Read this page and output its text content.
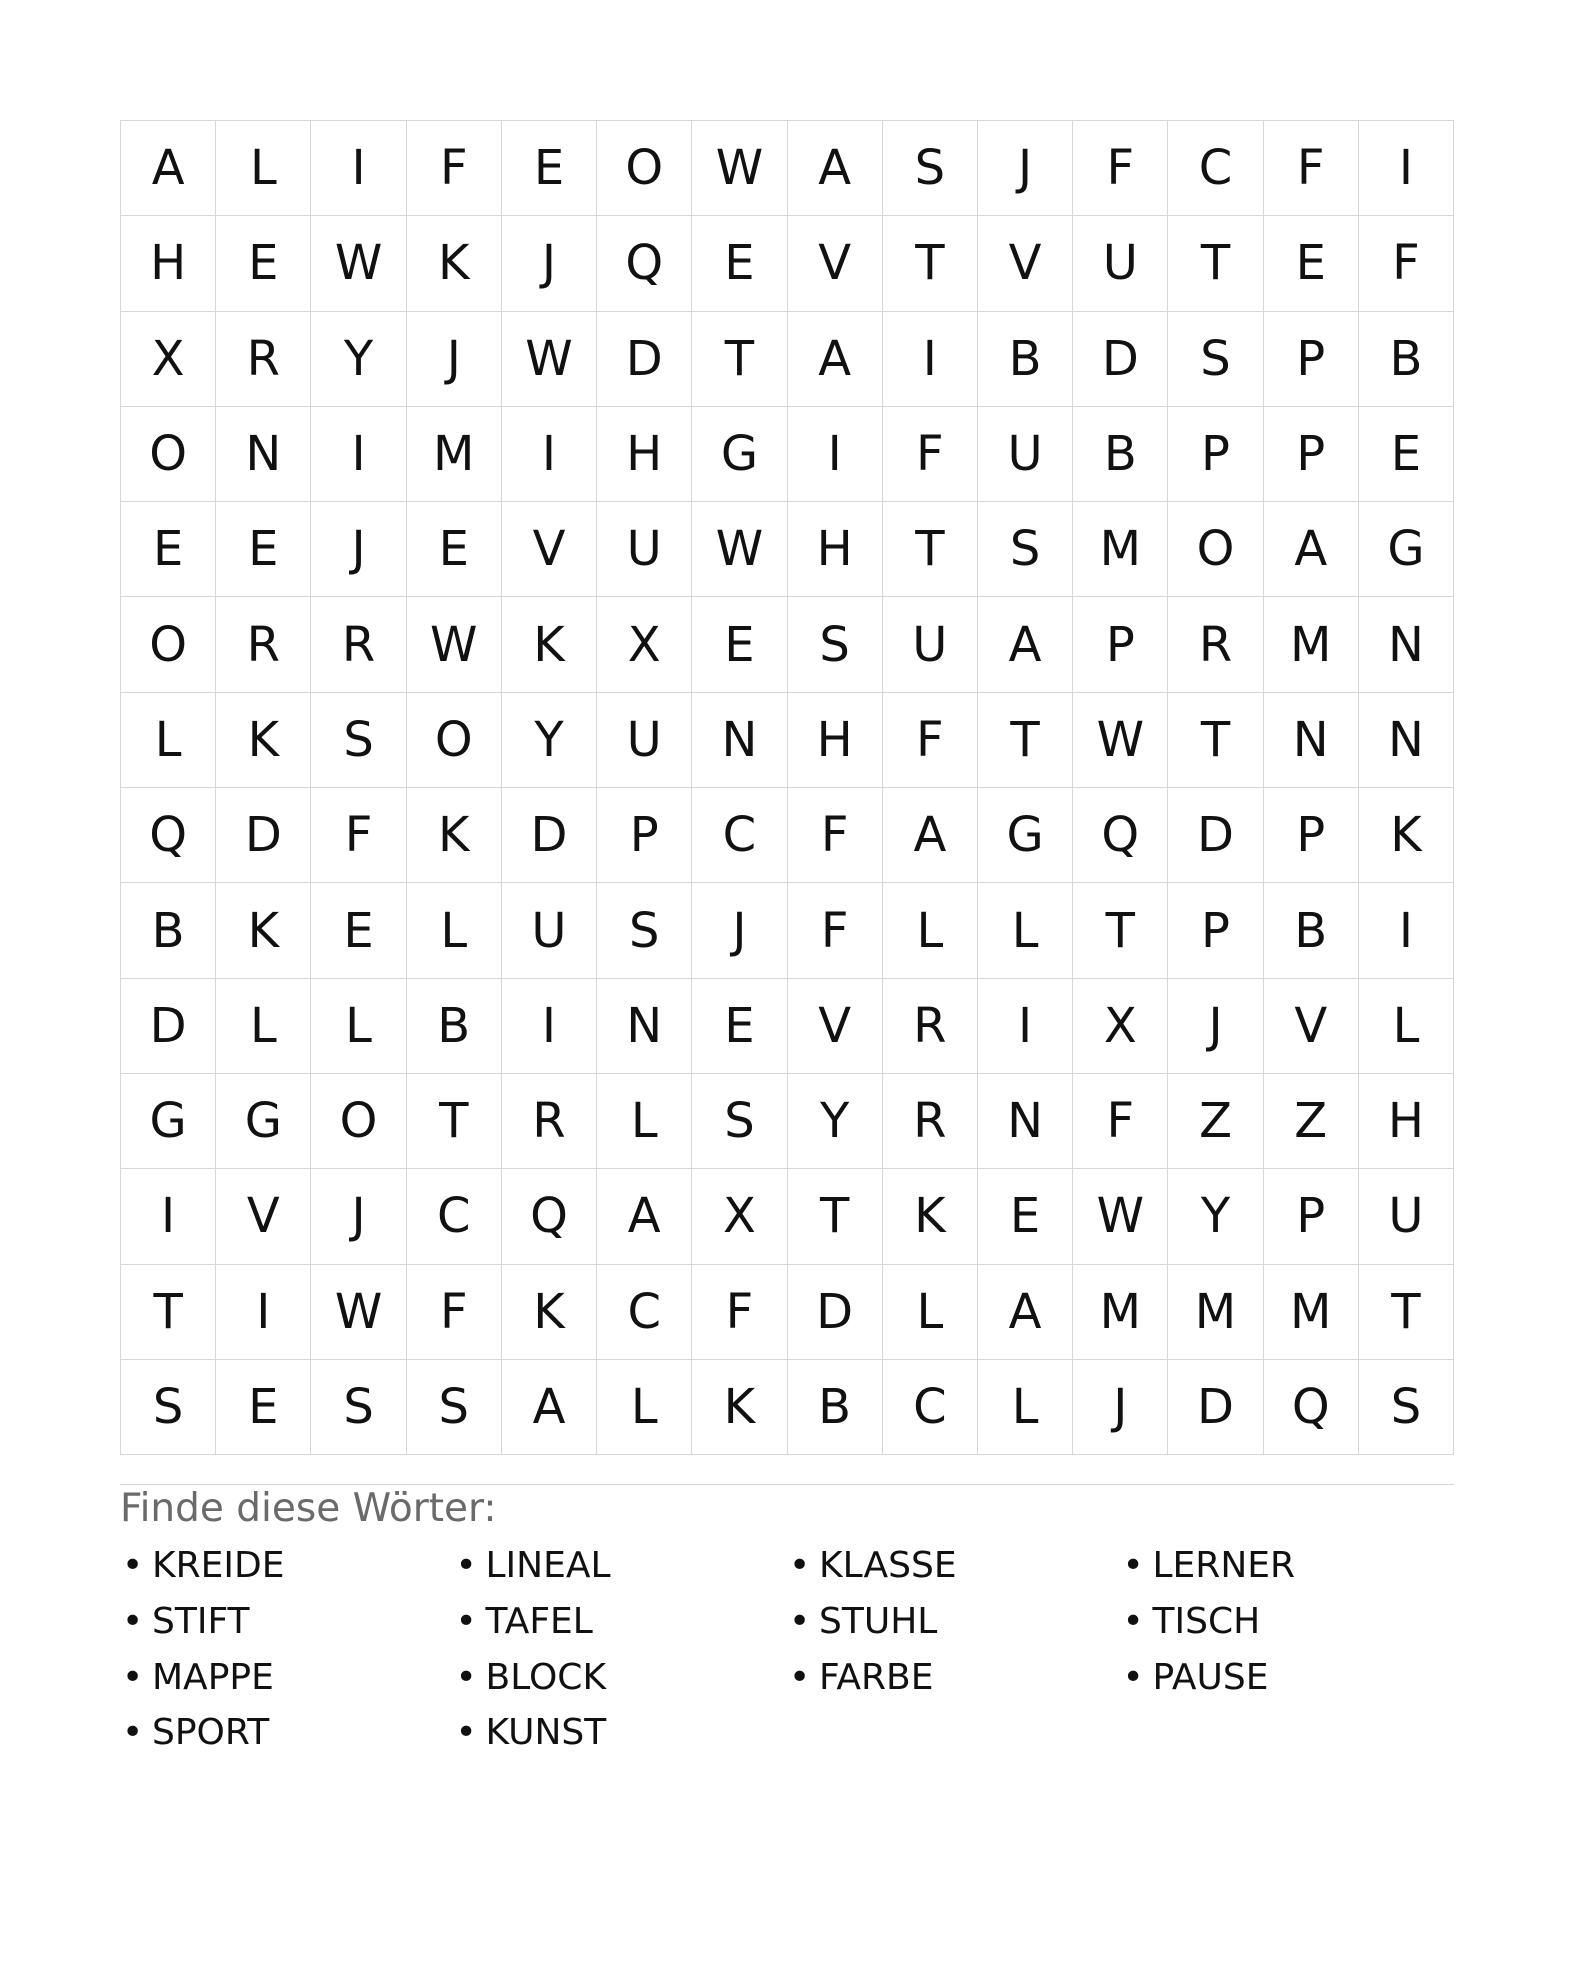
A	L	I	F	E	O	W	A	S	J	F	C	F	I
H	E	W	K	J	Q	E	V	T	V	U	T	E	F
X	R	Y	J	W	D	T	A	I	B	D	S	P	B
O	N	I	M	I	H	G	I	F	U	B	P	P	E
E	E	J	E	V	U	W	H	T	S	M	O	A	G
O	R	R	W	K	X	E	S	U	A	P	R	M	N
L	K	S	O	Y	U	N	H	F	T	W	T	N	N
Q	D	F	K	D	P	C	F	A	G	Q	D	P	K
B	K	E	L	U	S	J	F	L	L	T	P	B	I
D	L	L	B	I	N	E	V	R	I	X	J	V	L
G	G	O	T	R	L	S	Y	R	N	F	Z	Z	H
I	V	J	C	Q	A	X	T	K	E	W	Y	P	U
T	I	W	F	K	C	F	D	L	A	M	M	M	T
S	E	S	S	A	L	K	B	C	L	J	D	Q	S
Finde diese Wörter:
• KREIDE	• LINEAL	• KLASSE	• LERNER
• STIFT	• TAFEL	• STUHL	• TISCH
• MAPPE	• BLOCK	• FARBE	• PAUSE
• SPORT	• KUNST
